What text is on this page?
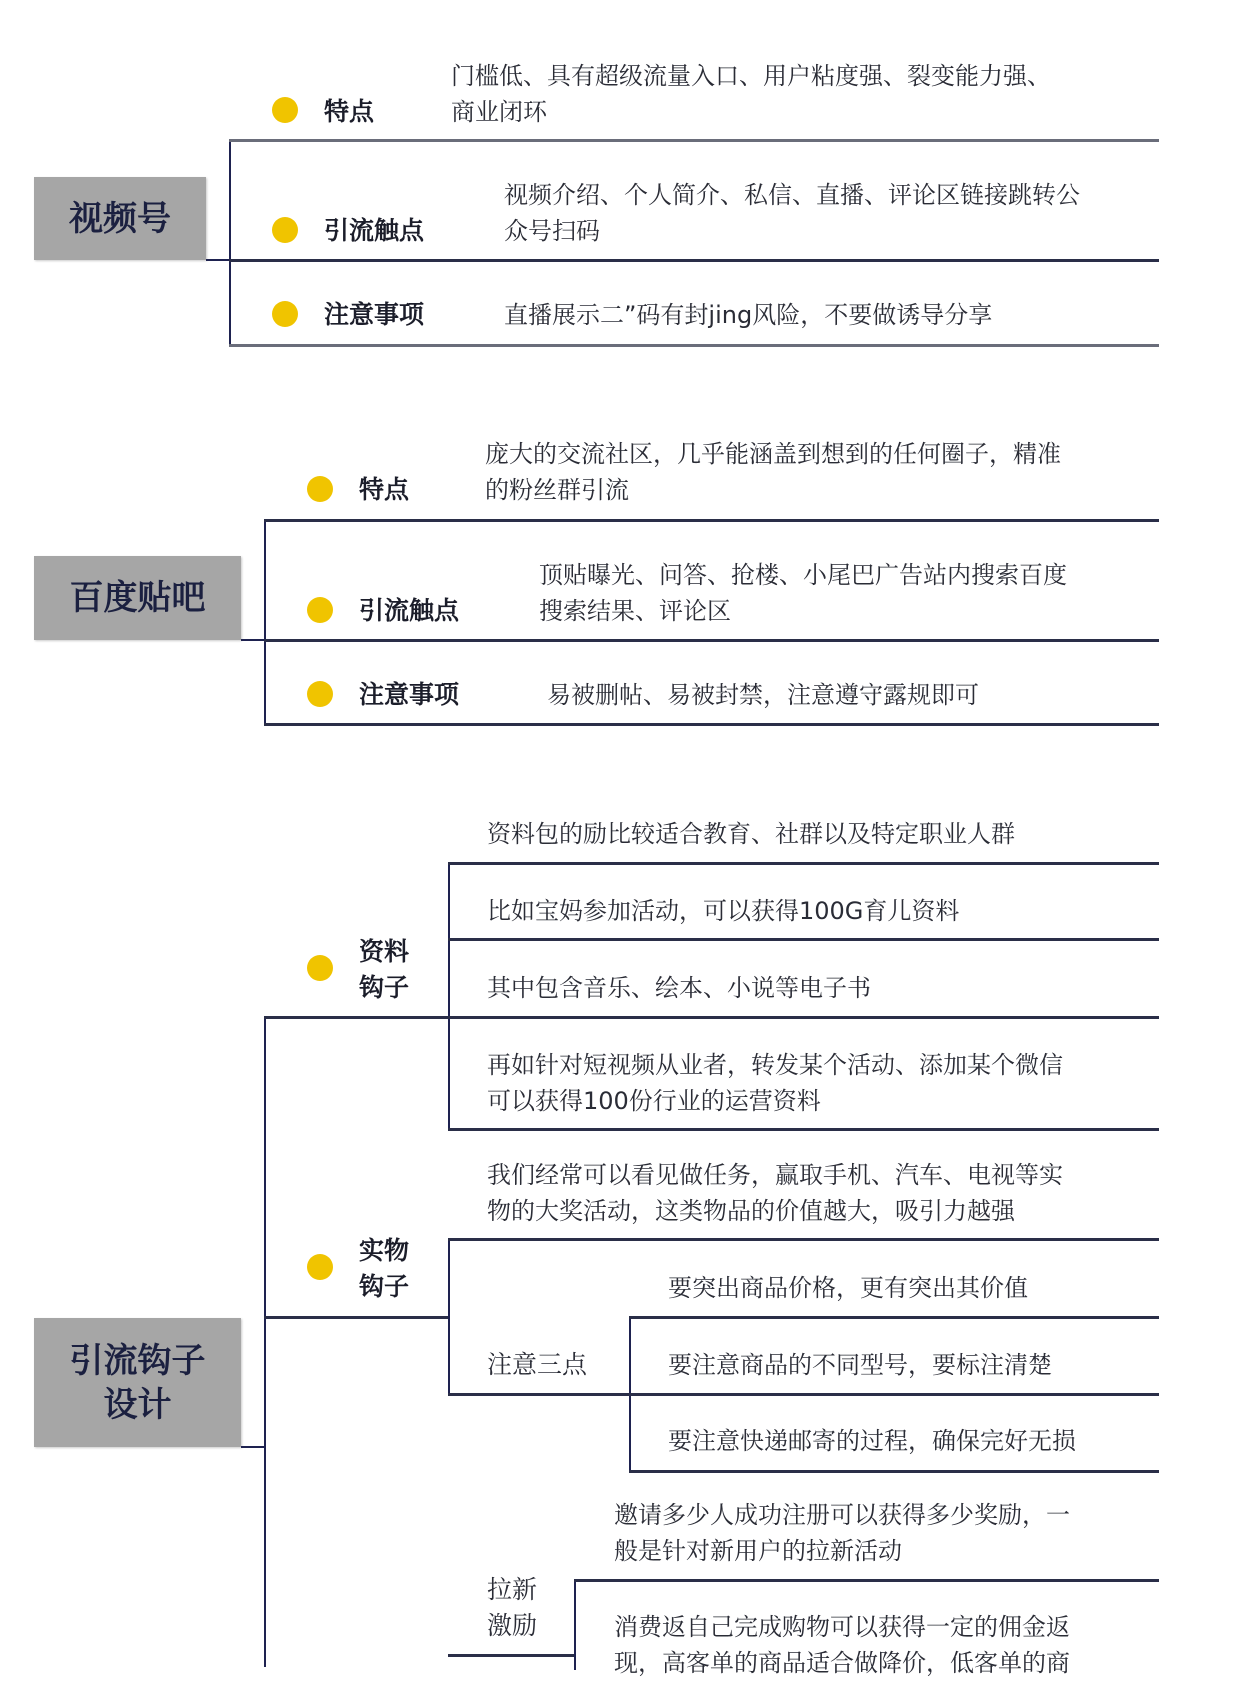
视频号
特点
引流触点
注意事项
门槛低、具有超级流量入口、用户粘度强、裂变能力强、
商业闭环
视频介绍、个人简介、私信、直播、评论区链接跳转公
众号扫码
直播展示二”码有封jing风险，不要做诱导分享
百度贴吧
特点
引流触点
注意事项
庞大的交流社区，几乎能涵盖到想到的任何圈子，精准
的粉丝群引流
顶贴曝光、问答、抢楼、小尾巴广告站内搜索百度
搜索结果、评论区
易被删帖、易被封禁，注意遵守露规即可
引流钩子
设计
资料
钩子
资料包的励比较适合教育、社群以及特定职业人群
比如宝妈参加活动，可以获得100G育儿资料
其中包含音乐、绘本、小说等电子书
再如针对短视频从业者，转发某个活动、添加某个微信
可以获得100份行业的运营资料
实物
钩子
我们经常可以看见做任务，赢取手机、汽车、电视等实
物的大奖活动，这类物品的价值越大，吸引力越强
注意三点
要突出商品价格，更有突出其价值
要注意商品的不同型号，要标注清楚
要注意快递邮寄的过程，确保完好无损
拉新
激励
邀请多少人成功注册可以获得多少奖励，一
般是针对新用户的拉新活动
消费返自己完成购物可以获得一定的佣金返
现，高客单的商品适合做降价，低客单的商
